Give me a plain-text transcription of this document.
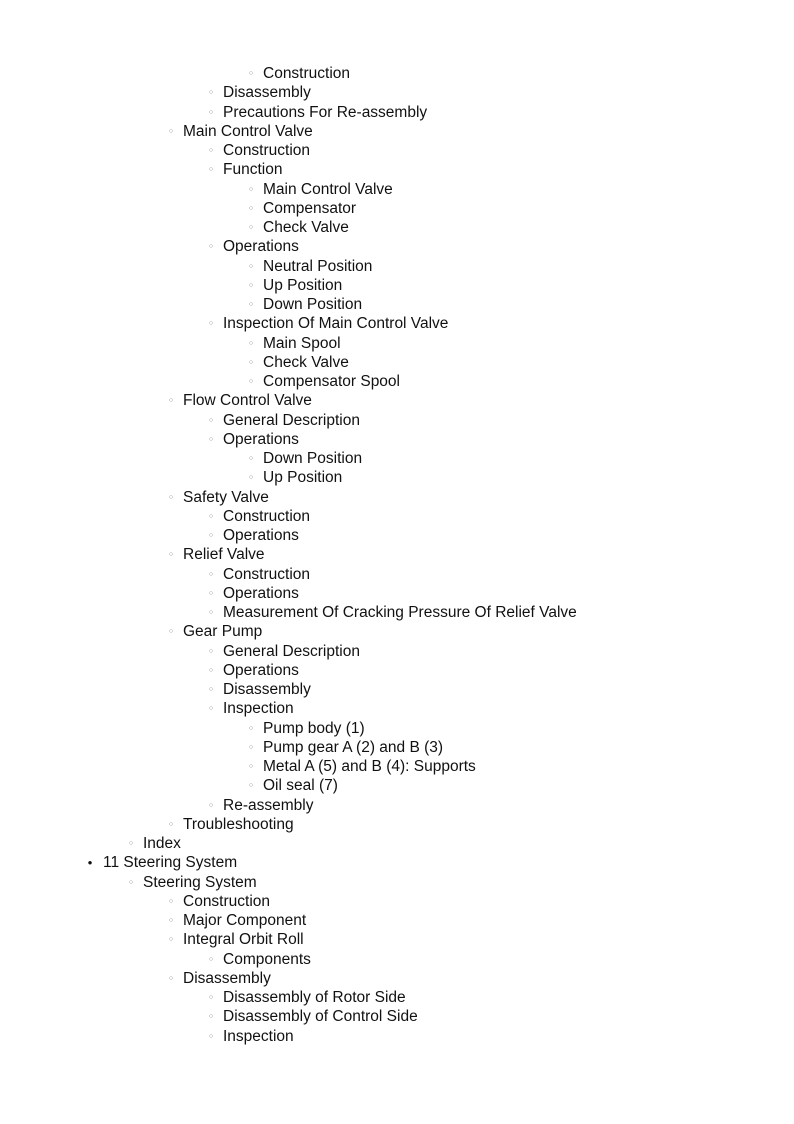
○ Construction
○ Disassembly
○ Precautions For Re-assembly
○ Main Control Valve
○ Construction
○ Function
○ Main Control Valve
○ Compensator
○ Check Valve
○ Operations
○ Neutral Position
○ Up Position
○ Down Position
○ Inspection Of Main Control Valve
○ Main Spool
○ Check Valve
○ Compensator Spool
○ Flow Control Valve
○ General Description
○ Operations
○ Down Position
○ Up Position
○ Safety Valve
○ Construction
○ Operations
○ Relief Valve
○ Construction
○ Operations
○ Measurement Of Cracking Pressure Of Relief Valve
○ Gear Pump
○ General Description
○ Operations
○ Disassembly
○ Inspection
○ Pump body (1)
○ Pump gear A (2) and B (3)
○ Metal A (5) and B (4): Supports
○ Oil seal (7)
○ Re-assembly
○ Troubleshooting
○ Index
• 11 Steering System
○ Steering System
○ Construction
○ Major Component
○ Integral Orbit Roll
○ Components
○ Disassembly
○ Disassembly of Rotor Side
○ Disassembly of Control Side
○ Inspection
